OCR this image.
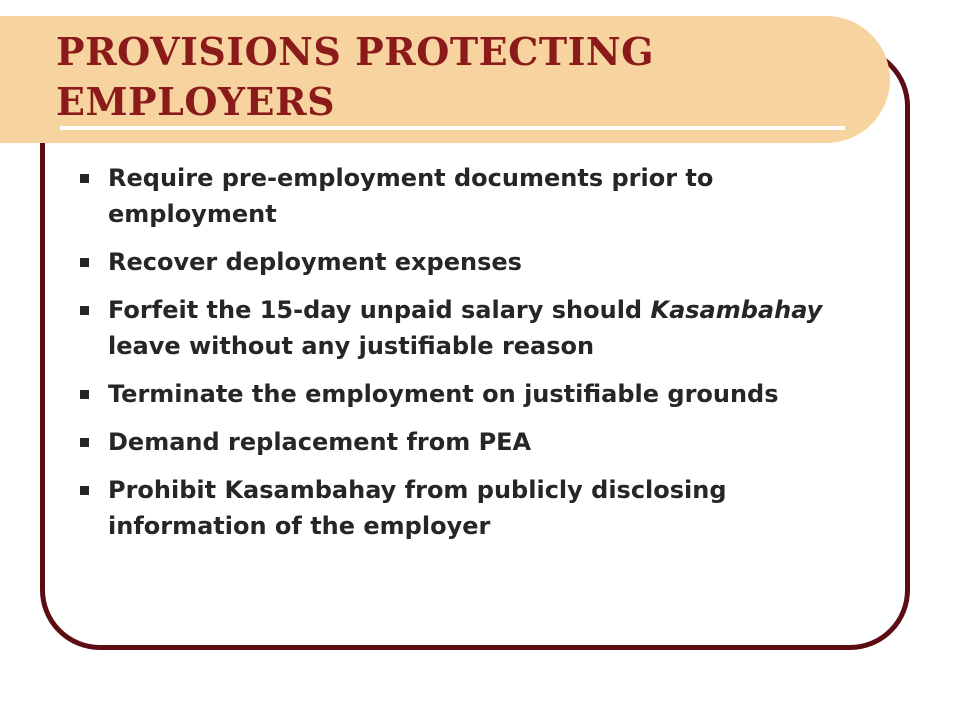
PROVISIONS PROTECTING EMPLOYERS
Require pre-employment documents prior to employment
Recover deployment expenses
Forfeit the 15-day unpaid salary should Kasambahay leave without any justifiable reason
Terminate the employment on justifiable grounds
Demand replacement from PEA
Prohibit Kasambahay from publicly disclosing information of the employer
